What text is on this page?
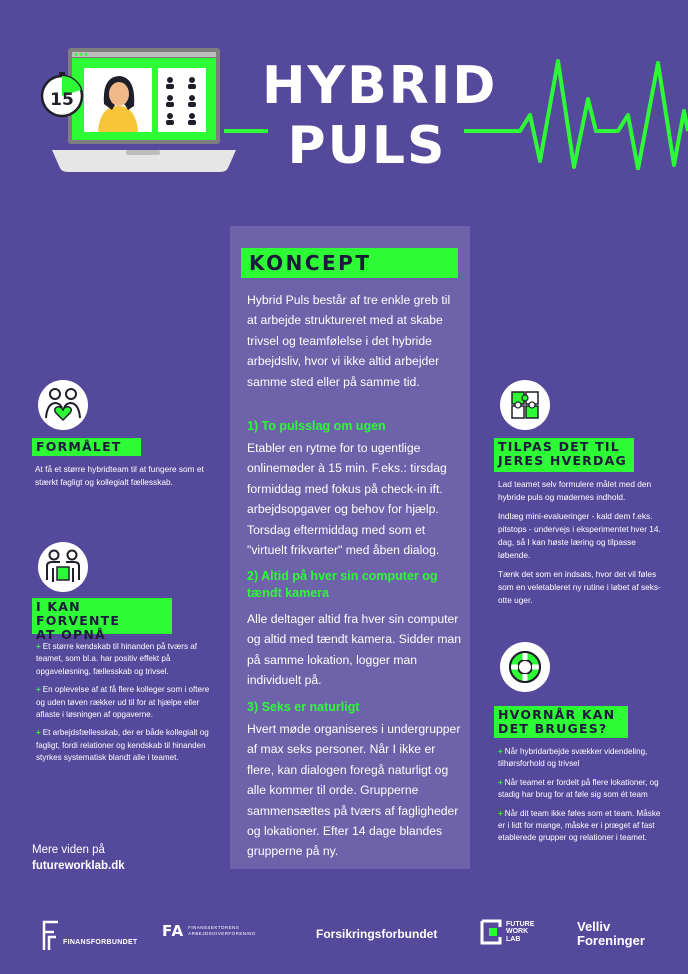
15	HYBRID
PULS
KONCEPT
Hybrid Puls består af tre enkle greb til at arbejde struktureret med at skabe trivsel og teamfølelse i det hybride arbejdsliv, hvor vi ikke altid arbejder samme sted eller på samme tid.
1) To pulsslag om ugen
Etabler en rytme for to ugentlige onlinemøder à 15 min. F.eks.: tirsdag formiddag med fokus på check-in ift. arbejdsopgaver og behov for hjælp. Torsdag eftermiddag med som et "virtuelt frikvarter" med åben dialog.
2) Altid på hver sin computer og tændt kamera
Alle deltager altid fra hver sin computer og altid med tændt kamera. Sidder man på samme lokation, logger man individuelt på.
3) Seks er naturligt
Hvert møde organiseres i undergrupper af max seks personer. Når I ikke er flere, kan dialogen foregå naturligt og alle kommer til orde. Grupperne sammensættes på tværs af fagligheder og lokationer. Efter 14 dage blandes grupperne på ny.
FORMÅLET
At få et større hybridteam til at fungere som et stærkt fagligt og kollegialt fællesskab.
I KAN FORVENTE
AT OPNÅ
+ Et større kendskab til hinanden på tværs af teamet, som bl.a. har positiv effekt på opgaveløsning, fællesskab og trivsel.
+ En oplevelse af at få flere kolleger som i oftere og uden tøven rækker ud til for at hjælpe eller aflaste i løsningen af opgaverne.
+ Et arbejdsfællesskab, der er både kollegialt og fagligt, fordi relationer og kendskab til hinanden styrkes systematisk blandt alle i teamet.
Mere viden på
futureworklab.dk
TILPAS DET TIL
JERES HVERDAG

Lad teamet selv formulere målet med den hybride puls og mødernes indhold.

Indlæg mini-evalueringer - kald dem f.eks. pitstops - undervejs i eksperimentet hver 14. dag, så I kan høste læring og tilpasse løbende.

Tænk det som en indsats, hvor det vil føles som en veletableret ny rutine i løbet af seks-otte uger.

HVORNÅR KAN
DET BRUGES?
+ Når hybridarbejde svækker videndeling, tilhørsforhold og trivsel
+ Når teamet er fordelt på flere lokationer, og stadig har brug for at føle sig som ét team
+ Når dit team ikke føles som et team. Måske er i lidt for mange, måske er i præget af fast etablerede grupper og relationer i teamet.
FINANSFORBUNDET
FA FINANSSEKTORENS
ARBEJDSGIVERFORENING	Forsikringsforbundet
FUTURE
WORK
LAB
Velliv
Foreninger
